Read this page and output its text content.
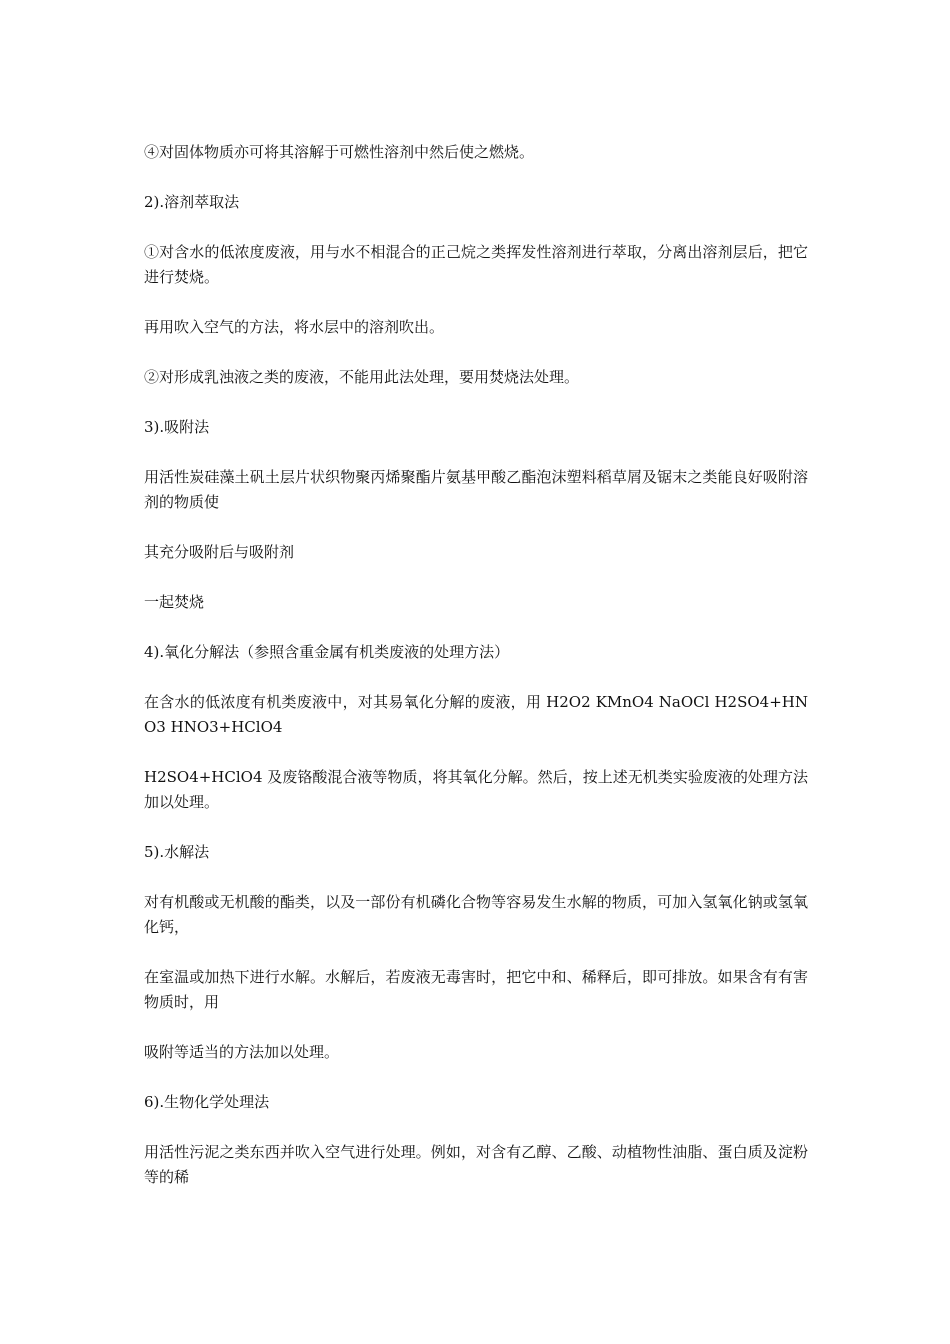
④对固体物质亦可将其溶解于可燃性溶剂中然后使之燃烧。

2).溶剂萃取法

①对含水的低浓度废液，用与水不相混合的正己烷之类挥发性溶剂进行萃取，分离出溶剂层后，把它进行焚烧。

再用吹入空气的方法，将水层中的溶剂吹出。

②对形成乳浊液之类的废液，不能用此法处理，要用焚烧法处理。

3).吸附法

用活性炭硅藻土矾土层片状织物聚丙烯聚酯片氨基甲酸乙酯泡沫塑料稻草屑及锯末之类能良好吸附溶剂的物质使

其充分吸附后与吸附剂

一起焚烧

4).氧化分解法（参照含重金属有机类废液的处理方法）

在含水的低浓度有机类废液中，对其易氧化分解的废液，用 H2O2 KMnO4 NaOCl H2SO4+HNO3 HNO3+HClO4

H2SO4+HClO4 及废铬酸混合液等物质，将其氧化分解。然后，按上述无机类实验废液的处理方法加以处理。

5).水解法

对有机酸或无机酸的酯类，以及一部份有机磷化合物等容易发生水解的物质，可加入氢氧化钠或氢氧化钙，

在室温或加热下进行水解。水解后，若废液无毒害时，把它中和、稀释后，即可排放。如果含有有害物质时，用

吸附等适当的方法加以处理。

6).生物化学处理法

用活性污泥之类东西并吹入空气进行处理。例如，对含有乙醇、乙酸、动植物性油脂、蛋白质及淀粉等的稀
